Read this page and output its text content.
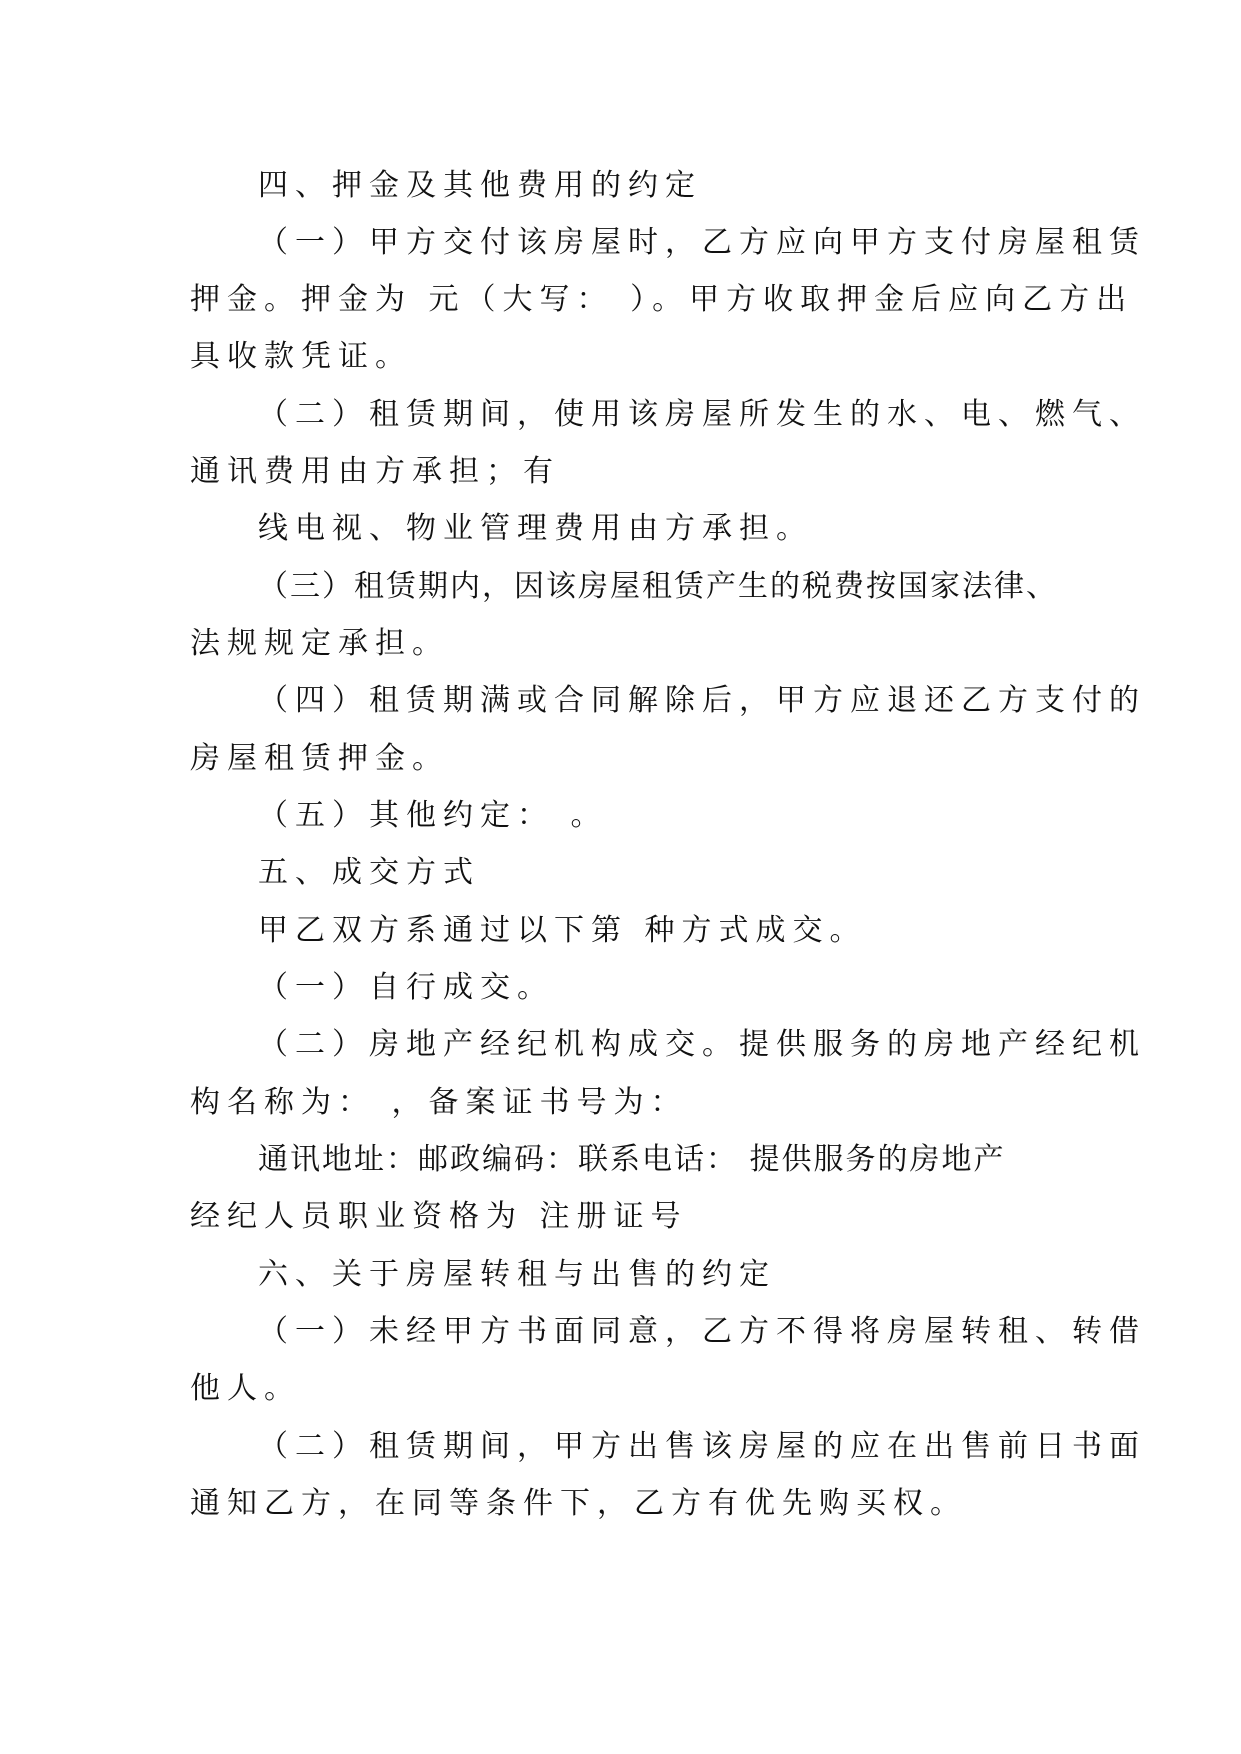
四、押金及其他费用的约定
（一）甲方交付该房屋时，乙方应向甲方支付房屋租赁
押金。押金为 元（大写： ）。甲方收取押金后应向乙方出
具收款凭证。
（二）租赁期间，使用该房屋所发生的水、电、燃气、
通讯费用由方承担；有
线电视、物业管理费用由方承担。
（三）租赁期内，因该房屋租赁产生的税费按国家法律、
法规规定承担。
（四）租赁期满或合同解除后，甲方应退还乙方支付的
房屋租赁押金。
（五）其他约定： 。
五、成交方式
甲乙双方系通过以下第 种方式成交。
（一）自行成交。
（二）房地产经纪机构成交。提供服务的房地产经纪机
构名称为： ，备案证书号为：
通讯地址：邮政编码：联系电话： 提供服务的房地产
经纪人员职业资格为 注册证号
六、关于房屋转租与出售的约定
（一）未经甲方书面同意，乙方不得将房屋转租、转借
他人。
（二）租赁期间，甲方出售该房屋的应在出售前日书面
通知乙方，在同等条件下，乙方有优先购买权。
